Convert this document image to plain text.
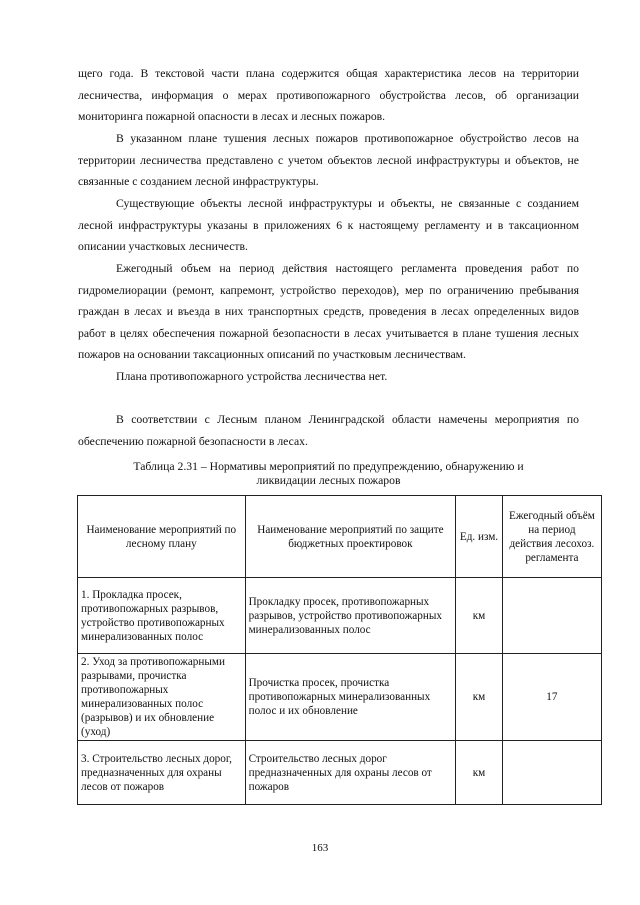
щего года. В текстовой части плана содержится общая характеристика лесов на территории лесничества, информация о мерах противопожарного обустройства лесов, об организации мониторинга пожарной опасности в лесах и лесных пожаров.

В указанном плане тушения лесных пожаров противопожарное обустройство лесов на территории лесничества представлено с учетом объектов лесной инфраструктуры и объектов, не связанные с созданием лесной инфраструктуры.

Существующие объекты лесной инфраструктуры и объекты, не связанные с созданием лесной инфраструктуры указаны в приложениях 6 к настоящему регламенту и в таксационном описании участковых лесничеств.

Ежегодный объем на период действия настоящего регламента проведения работ по гидромелиорации (ремонт, капремонт, устройство переходов), мер по ограничению пребывания граждан в лесах и въезда в них транспортных средств, проведения в лесах определенных видов работ в целях обеспечения пожарной безопасности в лесах учитывается в плане тушения лесных пожаров на основании таксационных описаний по участковым лесничествам.

Плана противопожарного устройства лесничества нет.

В соответствии с Лесным планом Ленинградской области намечены мероприятия по обеспечению пожарной безопасности в лесах.

Таблица 2.31 – Нормативы мероприятий по предупреждению, обнаружению и
ликвидации лесных пожаров
Наименование мероприятий по лесному плану	Наименование мероприятий по защите бюджетных проектировок	Ед. изм.	Ежегодный объём на период действия лесохоз. регламента
1. Прокладка просек, противопожарных разрывов, устройство противопожарных минерализованных полос	Прокладку просек, противопожарных разрывов, устройство противопожарных минерализованных полос	км	
2. Уход за противопожарными разрывами, прочистка противопожарных минерализованных полос (разрывов) и их обновление (уход)	Прочистка просек, прочистка противопожарных минерализованных полос и их обновление	км	17
3. Строительство лесных дорог, предназначенных для охраны лесов от пожаров	Строительство лесных дорог предназначенных для охраны лесов от пожаров	км	
163
